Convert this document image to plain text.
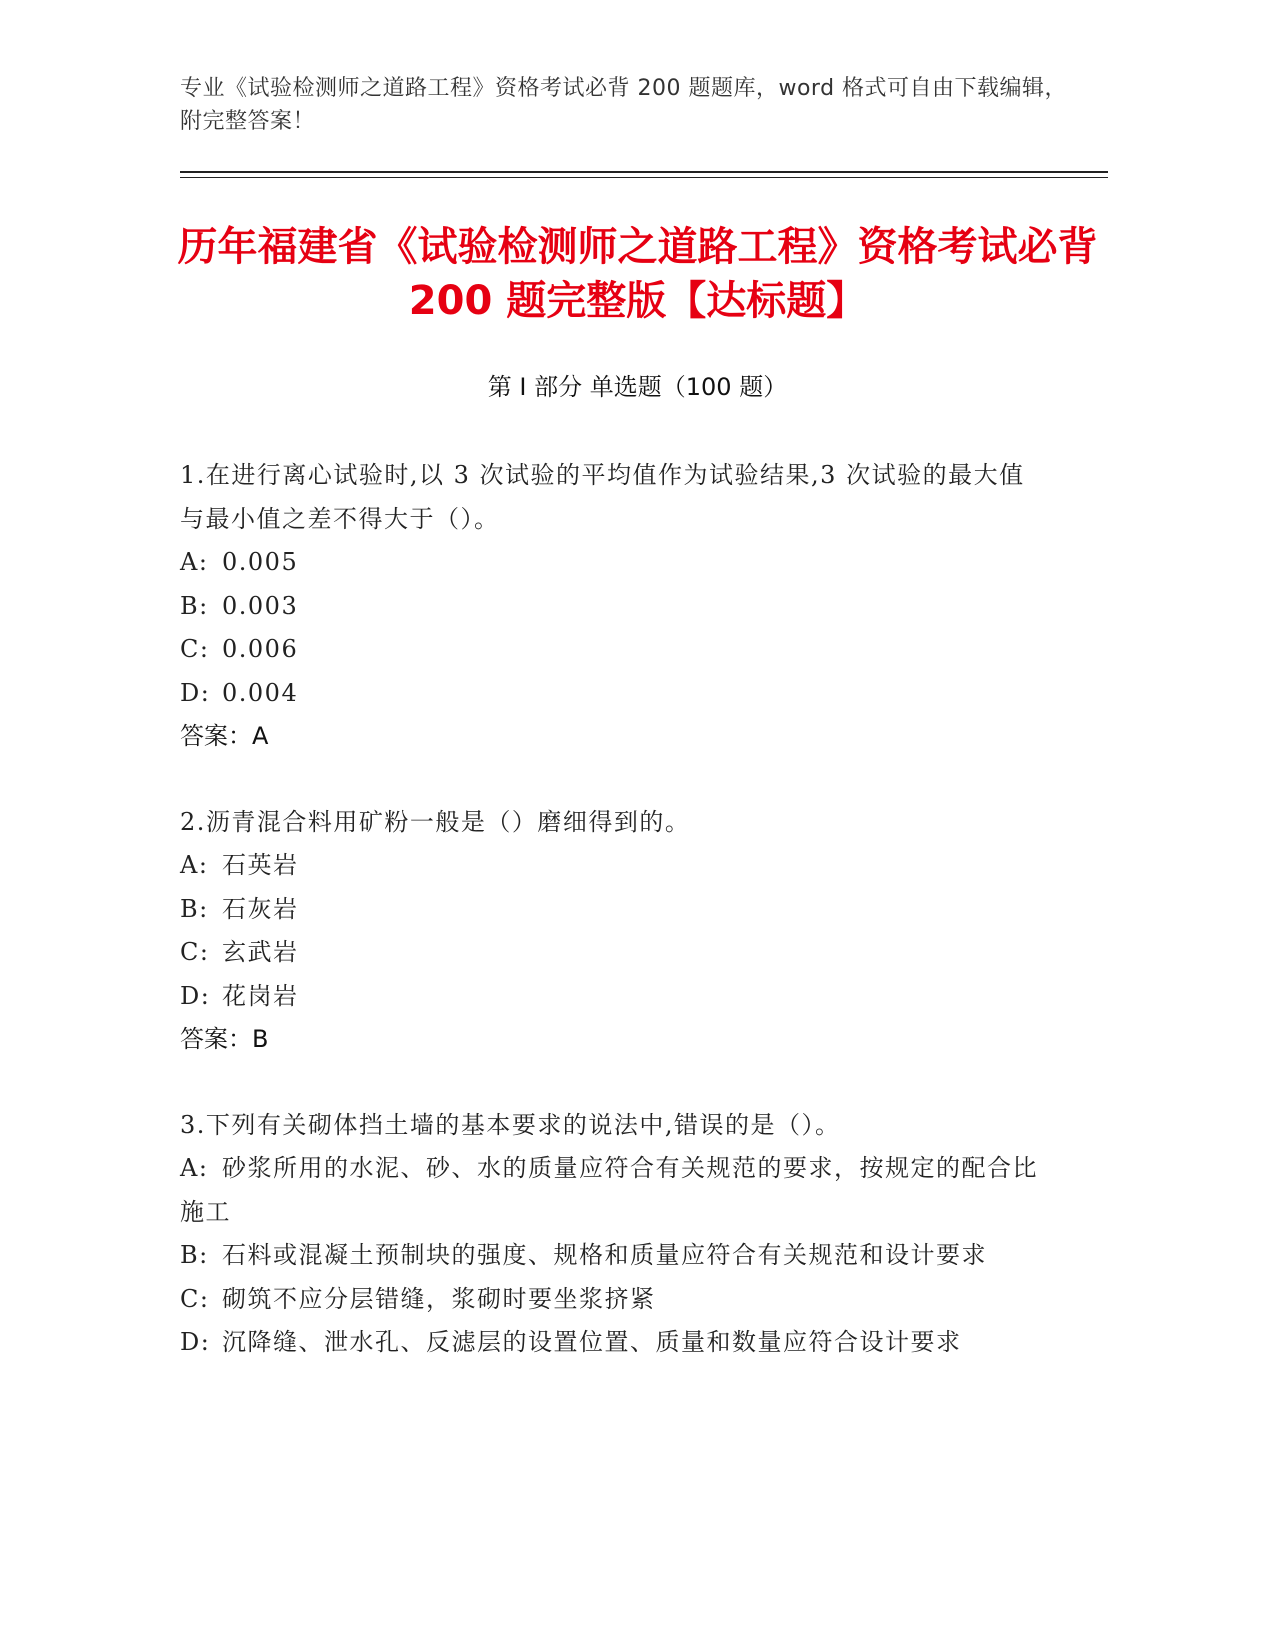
专业《试验检测师之道路工程》资格考试必背 200 题题库，word 格式可自由下载编辑，附完整答案！
历年福建省《试验检测师之道路工程》资格考试必背 200 题完整版【达标题】
第 I 部分 单选题（100 题）

1.在进行离心试验时,以 3 次试验的平均值作为试验结果,3 次试验的最大值与最小值之差不得大于（）。

A: 0.005

B: 0.003

C: 0.006

D: 0.004

答案：A

2.沥青混合料用矿粉一般是（）磨细得到的。

A: 石英岩

B: 石灰岩

C: 玄武岩

D: 花岗岩

答案：B

3.下列有关砌体挡土墙的基本要求的说法中,错误的是（）。

A: 砂浆所用的水泥、砂、水的质量应符合有关规范的要求，按规定的配合比施工

B: 石料或混凝土预制块的强度、规格和质量应符合有关规范和设计要求

C: 砌筑不应分层错缝，浆砌时要坐浆挤紧

D: 沉降缝、泄水孔、反滤层的设置位置、质量和数量应符合设计要求
